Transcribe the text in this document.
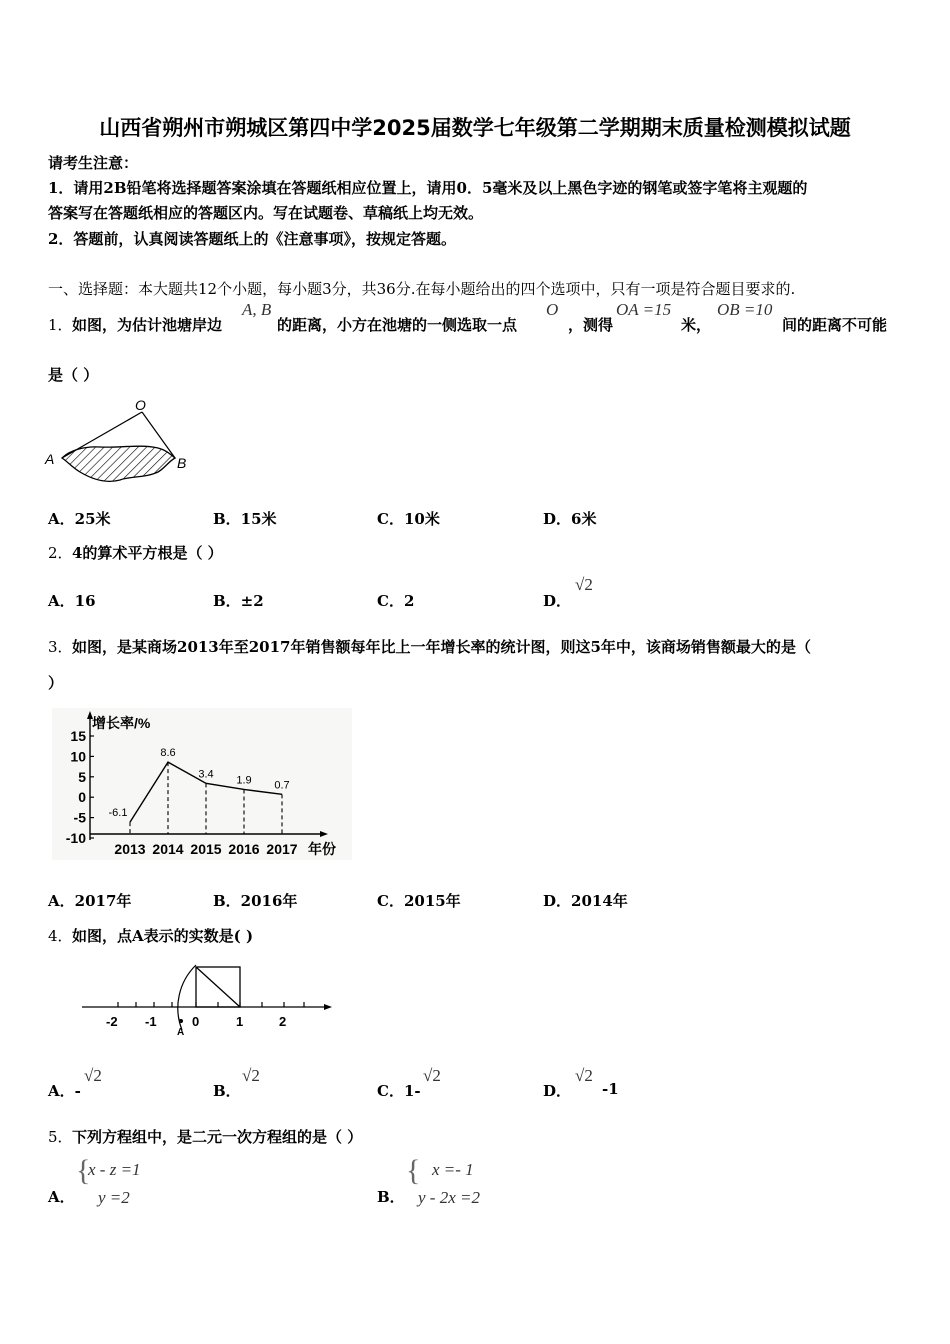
山西省朔州市朔城区第四中学2025届数学七年级第二学期期末质量检测模拟试题
请考生注意：
1．请用2B铅笔将选择题答案涂填在答题纸相应位置上，请用0．5毫米及以上黑色字迹的钢笔或签字笔将主观题的
答案写在答题纸相应的答题区内。写在试题卷、草稿纸上均无效。
2．答题前，认真阅读答题纸上的《注意事项》，按规定答题。
一、选择题：本大题共12个小题，每小题3分，共36分.在每小题给出的四个选项中，只有一项是符合题目要求的.
1． 如图，为估计池塘岸边
A, B
的距离，小方在池塘的一侧选取一点
O
，测得
OA =15
米，
OB =10
间的距离不可能
是（ ）
O
A	B
A．25米	B．15米	C．10米	D．6米
2． 4的算术平方根是（ ）
A．16	B．±2	C．2	D．
√2
3． 如图，是某商场2013年至2017年销售额每年比上一年增长率的统计图，则这5年中，该商场销售额最大的是（
）
增长率/%
年份
15
10
5
0
-5
-10
2013 2014 2015 2016 2017
-6.1
8.6
3.4
1.9 0.7
A．2017年	B．2016年	C．2015年	D．2014年
4． 如图，点A表示的实数是( )
-2 -1	0	1	2
A
A．-
√2
B．
√2
C．1-
√2
D．
√2
-1
5． 下列方程组中，是二元一次方程组的是（ ）
A．
{
x - z =1
y =2	B．
{ x =- 1
y - 2x =2
